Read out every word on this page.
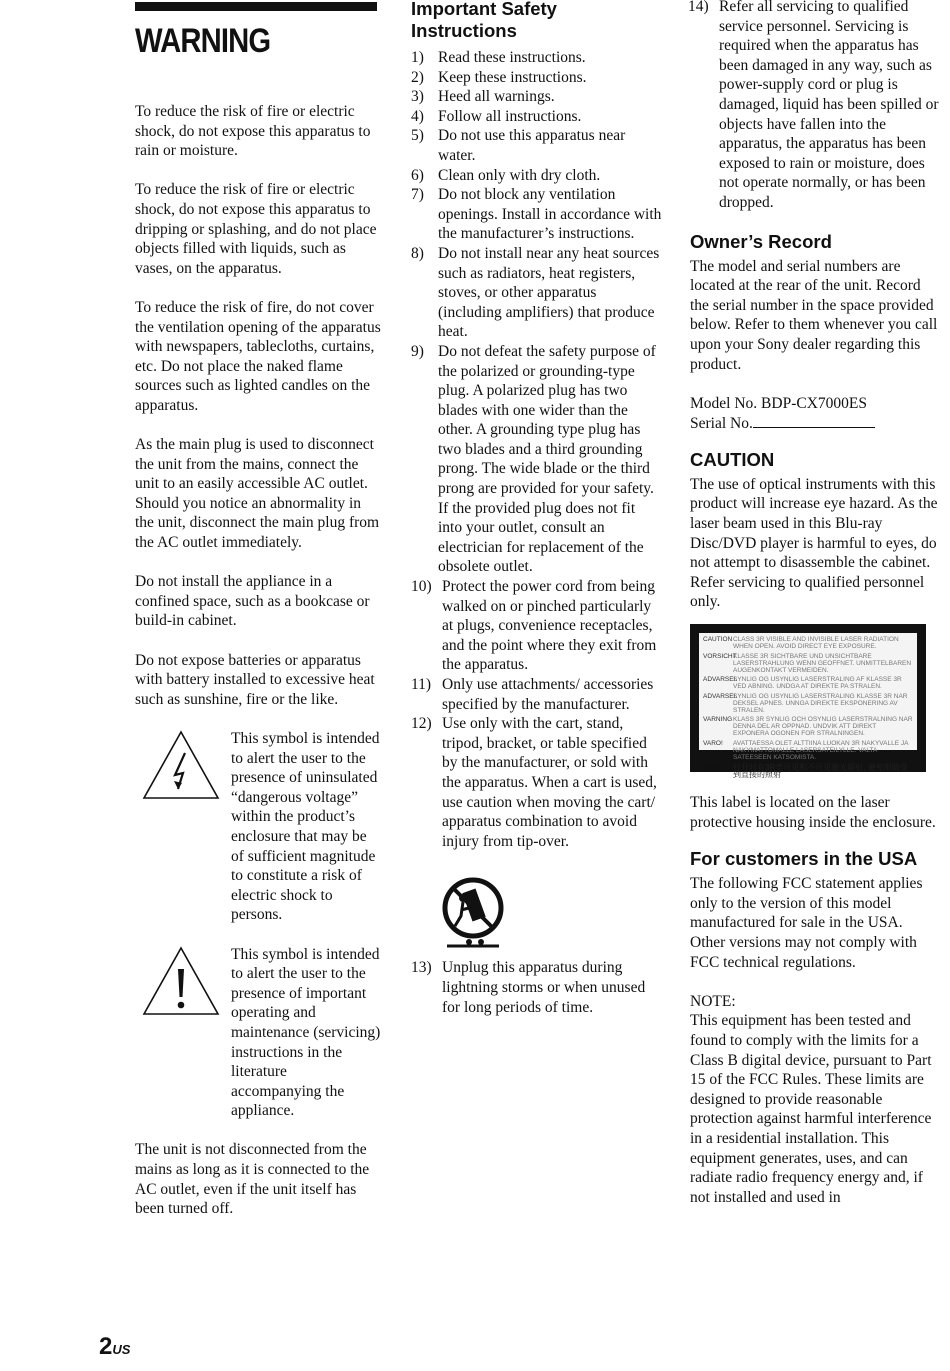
WARNING

To reduce the risk of fire or electric shock, do not expose this apparatus to rain or moisture.

To reduce the risk of fire or electric shock, do not expose this apparatus to dripping or splashing, and do not place objects filled with liquids, such as vases, on the apparatus.

To reduce the risk of fire, do not cover the ventilation opening of the apparatus with newspapers, tablecloths, curtains, etc. Do not place the naked flame sources such as lighted candles on the apparatus.

As the main plug is used to disconnect the unit from the mains, connect the unit to an easily accessible AC outlet. Should you notice an abnormality in the unit, disconnect the main plug from the AC outlet immediately.

Do not install the appliance in a confined space, such as a bookcase or build-in cabinet.

Do not expose batteries or apparatus with battery installed to excessive heat such as sunshine, fire or the like.

This symbol is intended to alert the user to the presence of uninsulated “dangerous voltage” within the product’s enclosure that may be of sufficient magnitude to constitute a risk of electric shock to persons.

This symbol is intended to alert the user to the presence of important operating and maintenance (servicing) instructions in the literature accompanying the appliance.

The unit is not disconnected from the mains as long as it is connected to the AC outlet, even if the unit itself has been turned off.

Important Safety Instructions
1) Read these instructions.
2) Keep these instructions.
3) Heed all warnings.
4) Follow all instructions.
5) Do not use this apparatus near water.
6) Clean only with dry cloth.
7) Do not block any ventilation openings. Install in accordance with the manufacturer’s instructions.
8) Do not install near any heat sources such as radiators, heat registers, stoves, or other apparatus (including amplifiers) that produce heat.
9) Do not defeat the safety purpose of the polarized or grounding-type plug. A polarized plug has two blades with one wider than the other. A grounding type plug has two blades and a third grounding prong. The wide blade or the third prong are provided for your safety. If the provided plug does not fit into your outlet, consult an electrician for replacement of the obsolete outlet.
10) Protect the power cord from being walked on or pinched particularly at plugs, convenience receptacles, and the point where they exit from the apparatus.
11) Only use attachments/ accessories specified by the manufacturer.
12) Use only with the cart, stand, tripod, bracket, or table specified by the manufacturer, or sold with the apparatus. When a cart is used, use caution when moving the cart/ apparatus combination to avoid injury from tip-over.
13) Unplug this apparatus during lightning storms or when unused for long periods of time.
14) Refer all servicing to qualified service personnel. Servicing is required when the apparatus has been damaged in any way, such as power-supply cord or plug is damaged, liquid has been spilled or objects have fallen into the apparatus, the apparatus has been exposed to rain or moisture, does not operate normally, or has been dropped.
Owner’s Record

The model and serial numbers are located at the rear of the unit. Record the serial number in the space provided below. Refer to them whenever you call upon your Sony dealer regarding this product.

Model No. BDP-CX7000ES

Serial No.

CAUTION

The use of optical instruments with this product will increase eye hazard. As the laser beam used in this Blu-ray Disc/DVD player is harmful to eyes, do not attempt to disassemble the cabinet.

Refer servicing to qualified personnel only.

CAUTION CLASS 3R VISIBLE AND INVISIBLE LASER RADIATION WHEN OPEN. AVOID DIRECT EYE EXPOSURE.
VORSICHT
KLASSE 3R SICHTBARE UND UNSICHTBARE LASERSTRAHLUNG WENN GEOFFNET. UNMITTELBAREN AUGENKONTAKT VERMEIDEN.
ADVARSEL
SYNLIG OG USYNLIG LASERSTRALING AF KLASSE 3R VED ABNING. UNDGA AT DIREKTE PA STRALEN.
ADVARSEL
SYNLIG OG USYNLIG LASERSTRALING KLASSE 3R NAR DEKSEL APNES. UNNGA DIREKTE EKSPONERING AV STRALEN.
VARNING KLASS 3R SYNLIG OCH OSYNLIG LASERSTRALNING NAR DENNA DEL AR OPPNAD. UNDVIK ATT DIREKT EXPONERA OGONEN FOR STRALNINGEN.
VARO!	AVATTAESSA OLET ALTTIINA LUOKAN 3R NAKYVALLE JA NAKYMATTOMALLE LASERSATEILYLLE. VALTA SATEESEEN KATSOMISTA.
警告	打开时有3R类可见和不可见激光辐射, 避免眼睛受到直接的照射

This label is located on the laser protective housing inside the enclosure.

For customers in the USA

The following FCC statement applies only to the version of this model manufactured for sale in the USA. Other versions may not comply with FCC technical regulations.

NOTE:

This equipment has been tested and found to comply with the limits for a Class B digital device, pursuant to Part 15 of the FCC Rules. These limits are designed to provide reasonable protection against harmful interference in a residential installation. This equipment generates, uses, and can radiate radio frequency energy and, if not installed and used in

2US
